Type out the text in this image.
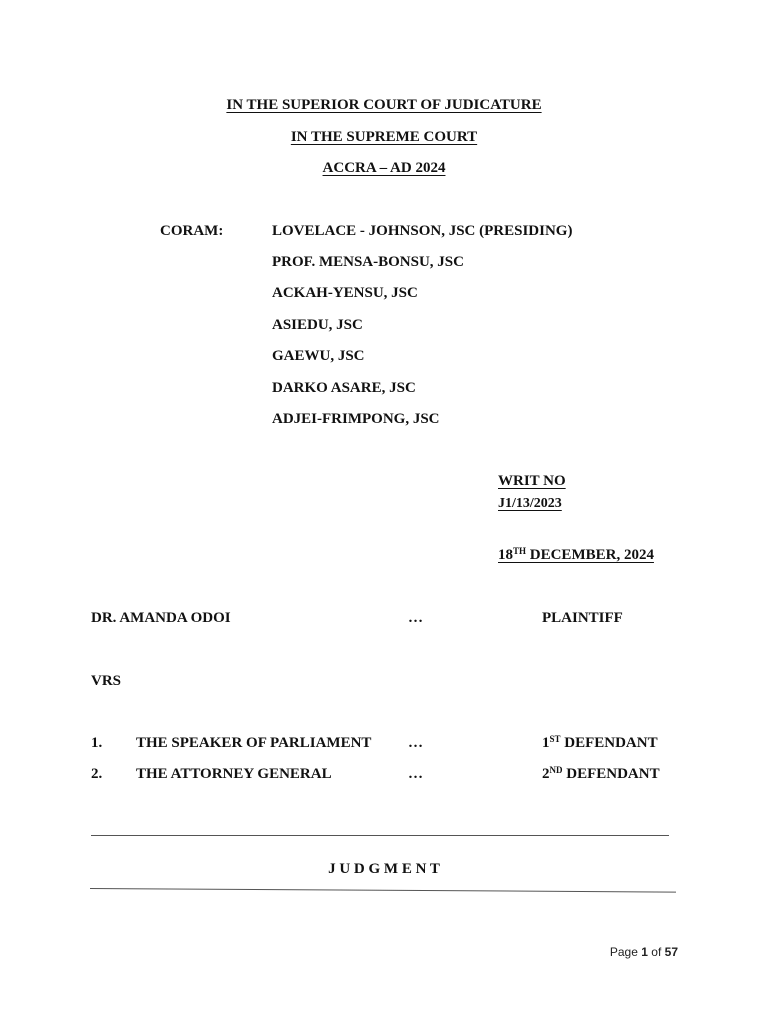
IN THE SUPERIOR COURT OF JUDICATURE
IN THE SUPREME COURT
ACCRA – AD 2024
CORAM:	LOVELACE - JOHNSON, JSC (PRESIDING)
PROF. MENSA-BONSU, JSC
ACKAH-YENSU, JSC
ASIEDU, JSC
GAEWU, JSC
DARKO ASARE, JSC
ADJEI-FRIMPONG, JSC
WRIT NO
J1/13/2023
18TH DECEMBER, 2024
DR. AMANDA ODOI	…	PLAINTIFF
VRS
1. THE SPEAKER OF PARLIAMENT …	1ST DEFENDANT
2. THE ATTORNEY GENERAL	…	2ND DEFENDANT
J U D G M E N T
Page 1 of 57
